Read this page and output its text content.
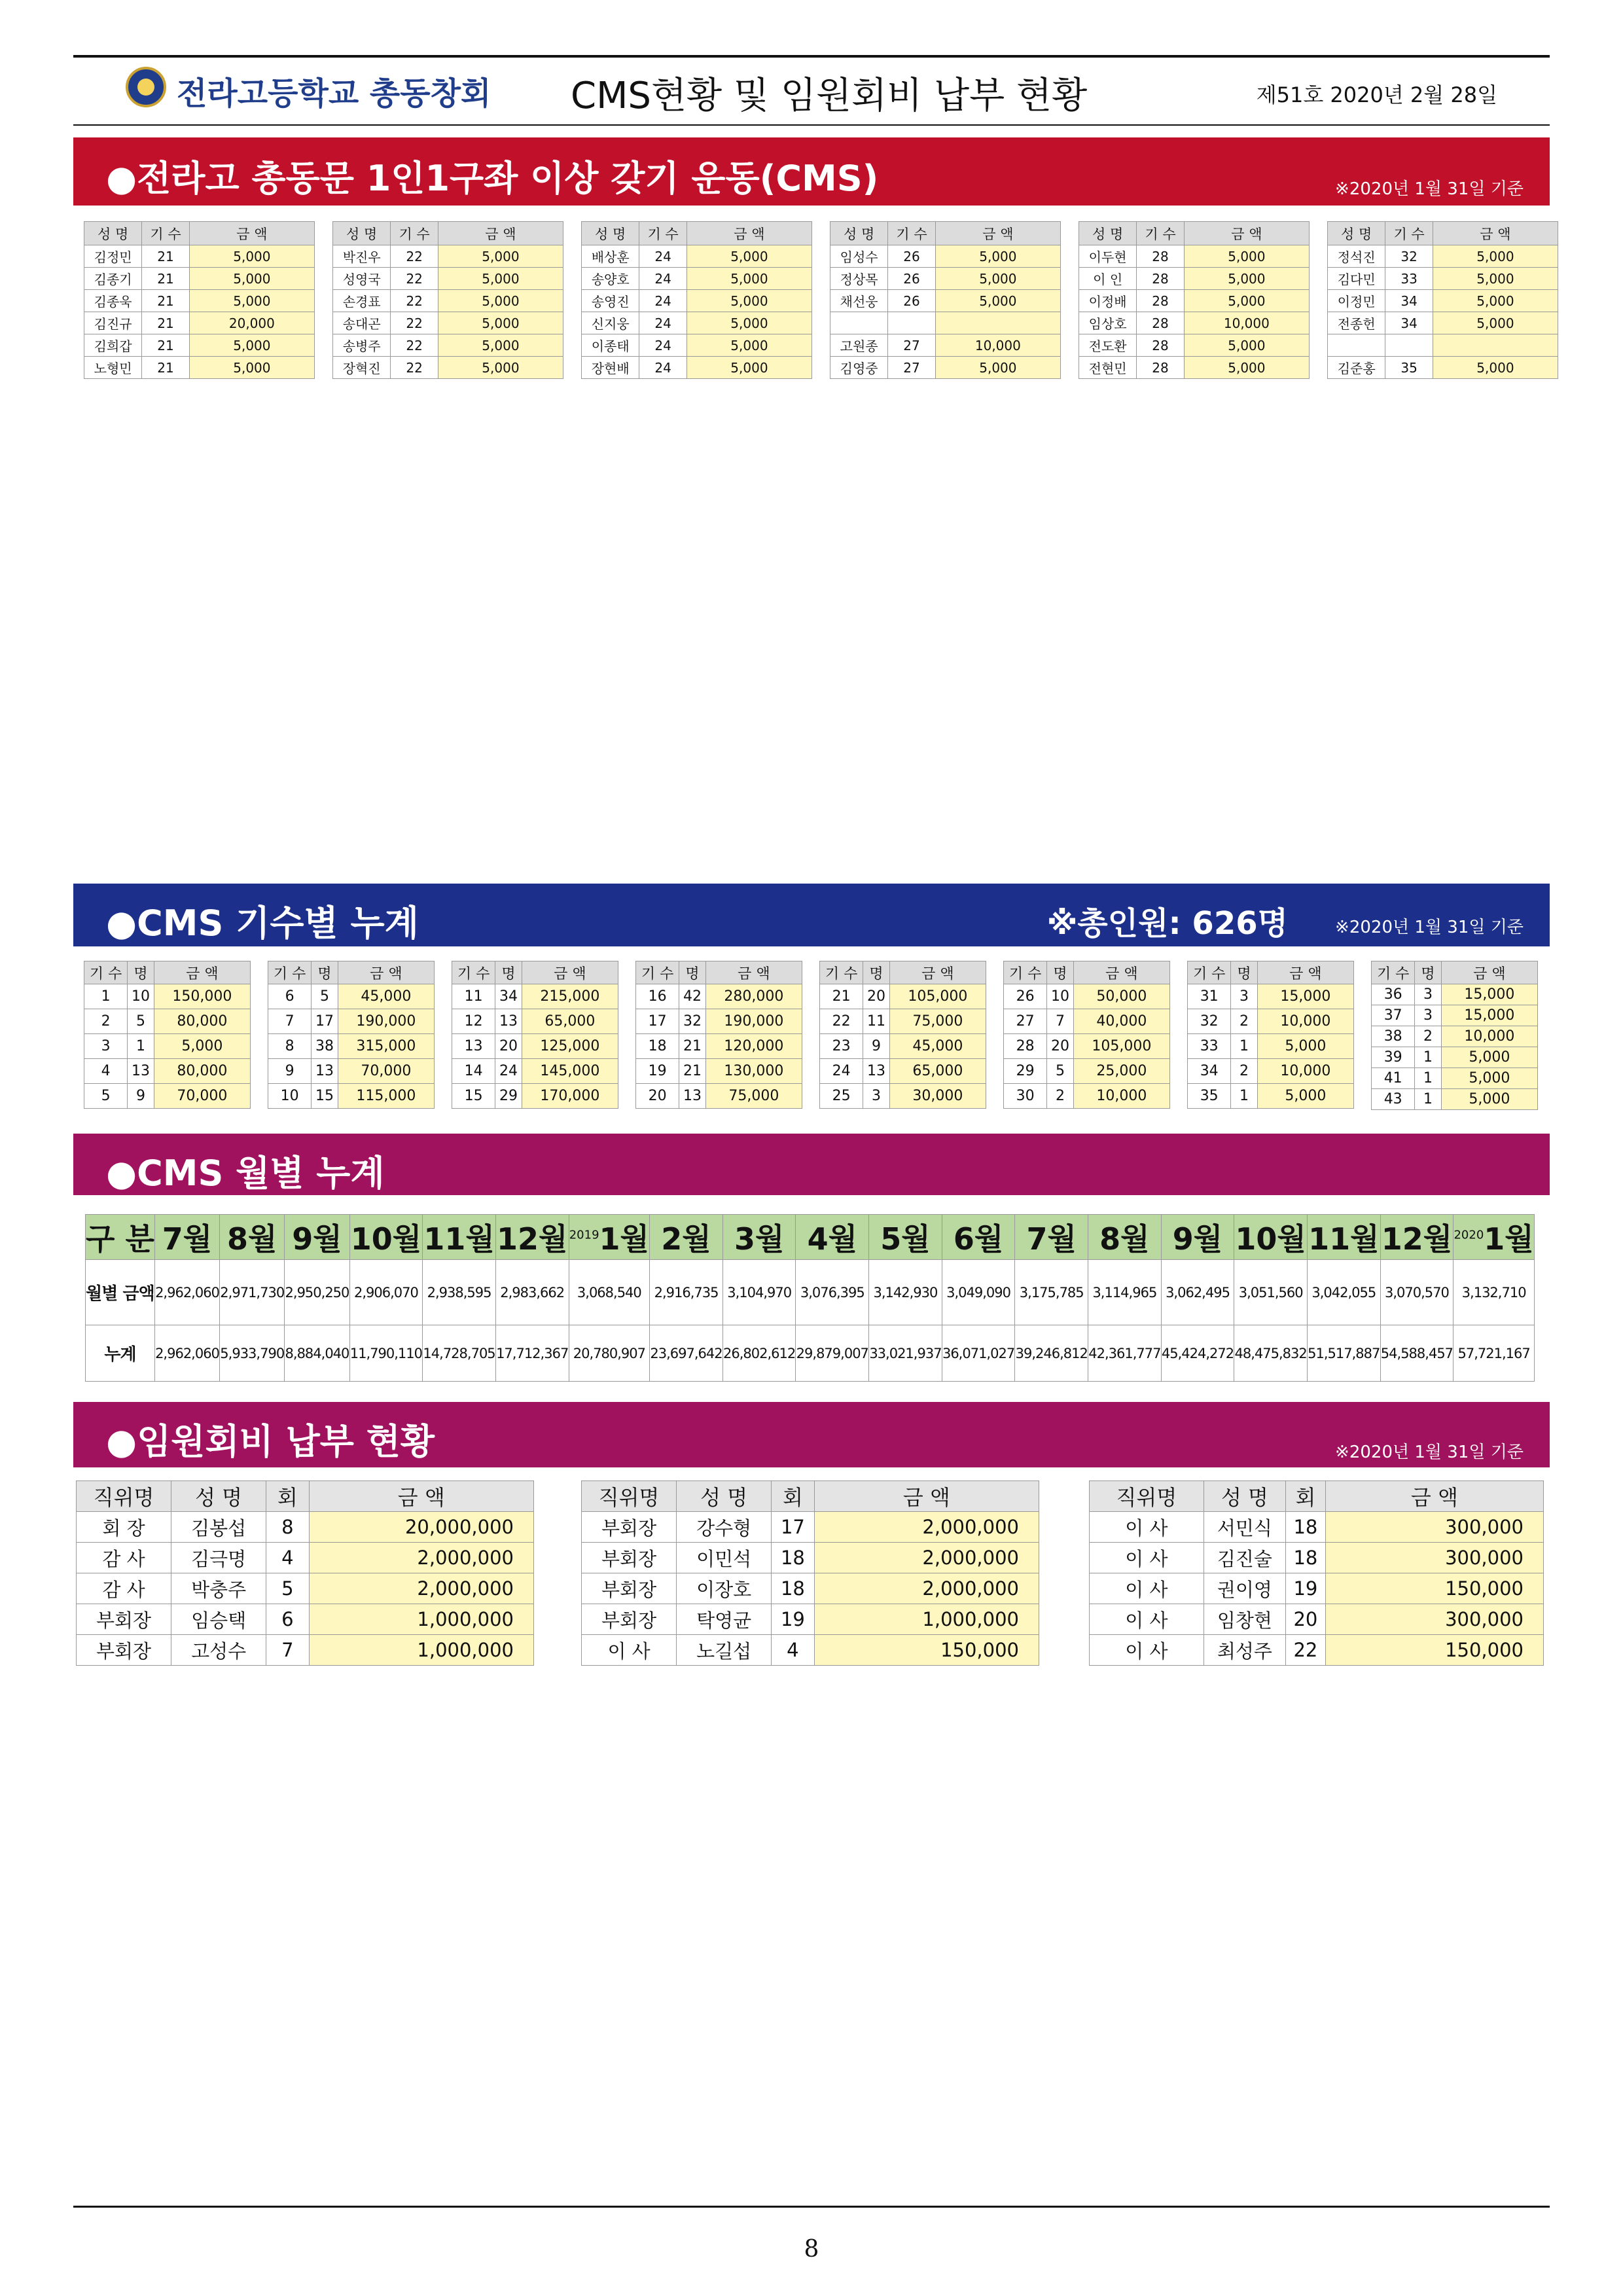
전라고등학교 총동창회 CMS현황 및 임원회비 납부 현황	제51호 2020년 2월 28일
●전라고 총동문 1인1구좌 이상 갖기 운동(CMS)	※2020년 1월 31일 기준
성 명	기 수	금 액
김정민	21	5,000
김종기	21	5,000
김종욱	21	5,000
김진규	21	20,000
김희갑	21	5,000
노형민	21	5,000
성 명	기 수	금 액
박진우	22	5,000
성영국	22	5,000
손경표	22	5,000
송대곤	22	5,000
송병주	22	5,000
장혁진	22	5,000
성 명	기 수	금 액
배상훈	24	5,000
송양호	24	5,000
송영진	24	5,000
신지웅	24	5,000
이종태	24	5,000
장현배	24	5,000
성 명	기 수	금 액
임성수	26	5,000
정상목	26	5,000
채선웅	26	5,000

고원종	27	10,000
김영중	27	5,000
성 명	기 수	금 액
이두현	28	5,000
이 인	28	5,000
이정배	28	5,000
임상호	28	10,000
전도환	28	5,000
전현민	28	5,000
성 명	기 수	금 액
정석진	32	5,000
김다민	33	5,000
이정민	34	5,000
전종헌	34	5,000

김준홍	35	5,000
●CMS 기수별 누계	※총인원: 626명	※2020년 1월 31일 기준
기 수	명	금 액
1	10	150,000
2	5	80,000
3	1	5,000
4	13	80,000
5	9	70,000
기 수	명	금 액
6	5	45,000
7	17	190,000
8	38	315,000
9	13	70,000
10	15	115,000
기 수	명	금 액
11	34	215,000
12	13	65,000
13	20	125,000
14	24	145,000
15	29	170,000
기 수	명	금 액
16	42	280,000
17	32	190,000
18	21	120,000
19	21	130,000
20	13	75,000
기 수	명	금 액
21	20	105,000
22	11	75,000
23	9	45,000
24	13	65,000
25	3	30,000
기 수	명	금 액
26	10	50,000
27	7	40,000
28	20	105,000
29	5	25,000
30	2	10,000
기 수	명	금 액
31	3	15,000
32	2	10,000
33	1	5,000
34	2	10,000
35	1	5,000
기 수	명	금 액
36	3	15,000
37	3	15,000
38	2	10,000
39	1	5,000
41	1	5,000
43	1	5,000
●CMS 월별 누계
구 분	7월	8월	9월	10월	11월	12월	$^{2019}$1월	2월	3월	4월	5월	6월	7월	8월	9월	10월	11월	12월	$^{2020}$1월
월별 금액	2,962,060	2,971,730	2,950,250	2,906,070	2,938,595	2,983,662	3,068,540	2,916,735	3,104,970	3,076,395	3,142,930	3,049,090	3,175,785	3,114,965	3,062,495	3,051,560	3,042,055	3,070,570	3,132,710
누계	2,962,060	5,933,790	8,884,040	11,790,110	14,728,705	17,712,367	20,780,907	23,697,642	26,802,612	29,879,007	33,021,937	36,071,027	39,246,812	42,361,777	45,424,272	48,475,832	51,517,887	54,588,457	57,721,167
●임원회비 납부 현황	※2020년 1월 31일 기준
직위명	성 명	회	금 액
회 장	김봉섭	8	20,000,000
감 사	김극명	4	2,000,000
감 사	박충주	5	2,000,000
부회장	임승택	6	1,000,000
부회장	고성수	7	1,000,000
직위명	성 명	회	금 액
부회장	강수형	17	2,000,000
부회장	이민석	18	2,000,000
부회장	이장호	18	2,000,000
부회장	탁영균	19	1,000,000
이 사	노길섭	4	150,000
직위명	성 명	회	금 액
이 사	서민식	18	300,000
이 사	김진술	18	300,000
이 사	권이영	19	150,000
이 사	임창현	20	300,000
이 사	최성주	22	150,000
8
